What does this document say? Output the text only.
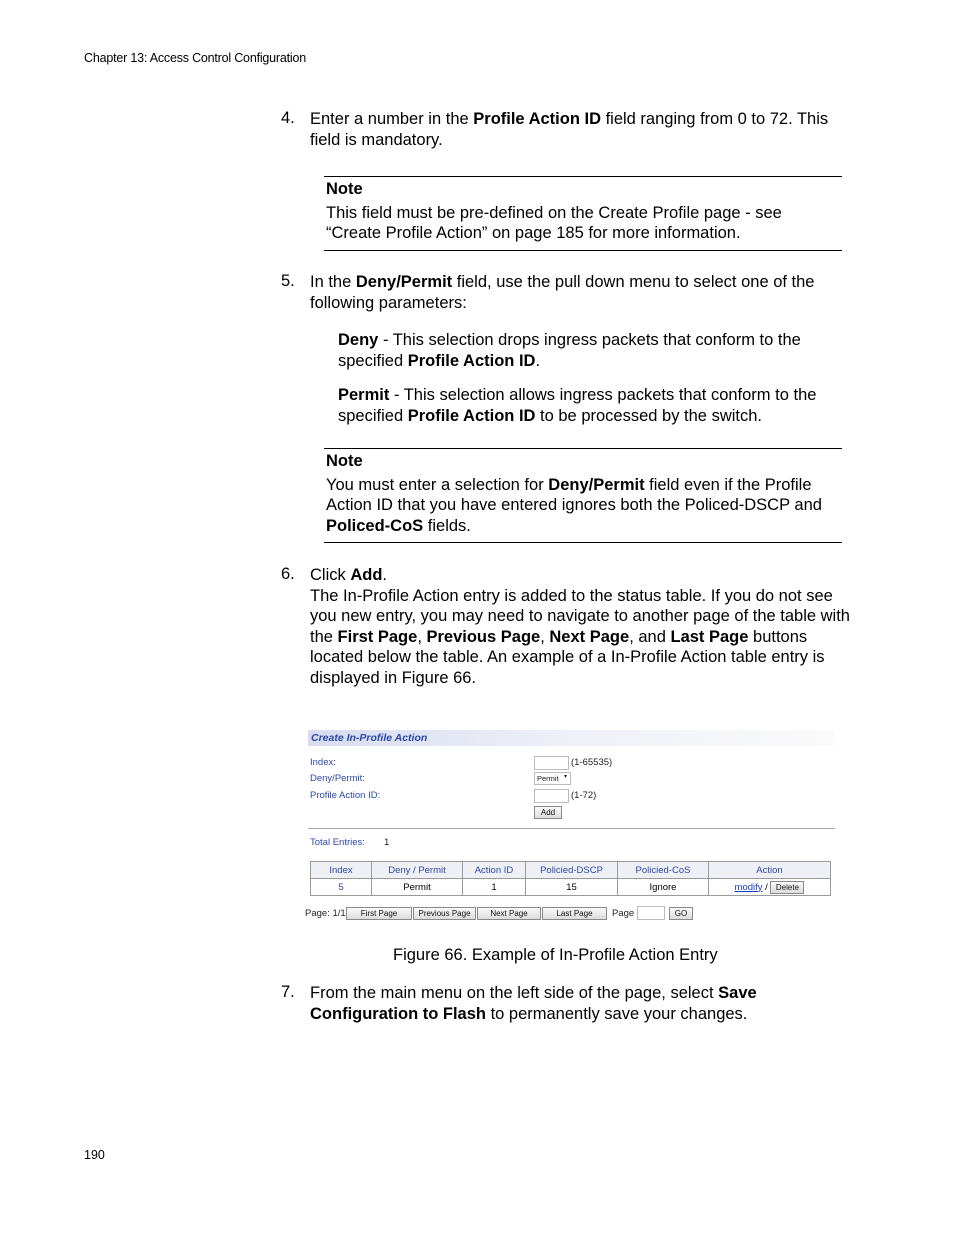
Chapter 13: Access Control Configuration
4. Enter a number in the Profile Action ID field ranging from 0 to 72. This field is mandatory.
Note
This field must be pre-defined on the Create Profile page - see “Create Profile Action” on page 185 for more information.
5. In the Deny/Permit field, use the pull down menu to select one of the following parameters:
Deny - This selection drops ingress packets that conform to the specified Profile Action ID.
Permit - This selection allows ingress packets that conform to the specified Profile Action ID to be processed by the switch.
Note
You must enter a selection for Deny/Permit field even if the Profile Action ID that you have entered ignores both the Policed-DSCP and Policed-CoS fields.
6. Click Add.
The In-Profile Action entry is added to the status table. If you do not see you new entry, you may need to navigate to another page of the table with the First Page, Previous Page, Next Page, and Last Page buttons located below the table. An example of a In-Profile Action table entry is displayed in Figure 66.
Create In-Profile Action
Index:	(1-65535)
Deny/Permit:	Permit ▾
Profile Action ID:	(1-72)
Add
Total Entries: 1
Index	Deny / Permit	Action ID	Policied-DSCP	Policied-CoS	Action
5	Permit	1	15	Ignore	modify / Delete
Page: 1/1	First Page	Previous Page	Next Page	Last Page	Page	GO
Figure 66. Example of In-Profile Action Entry
7. From the main menu on the left side of the page, select Save Configuration to Flash to permanently save your changes.
190
